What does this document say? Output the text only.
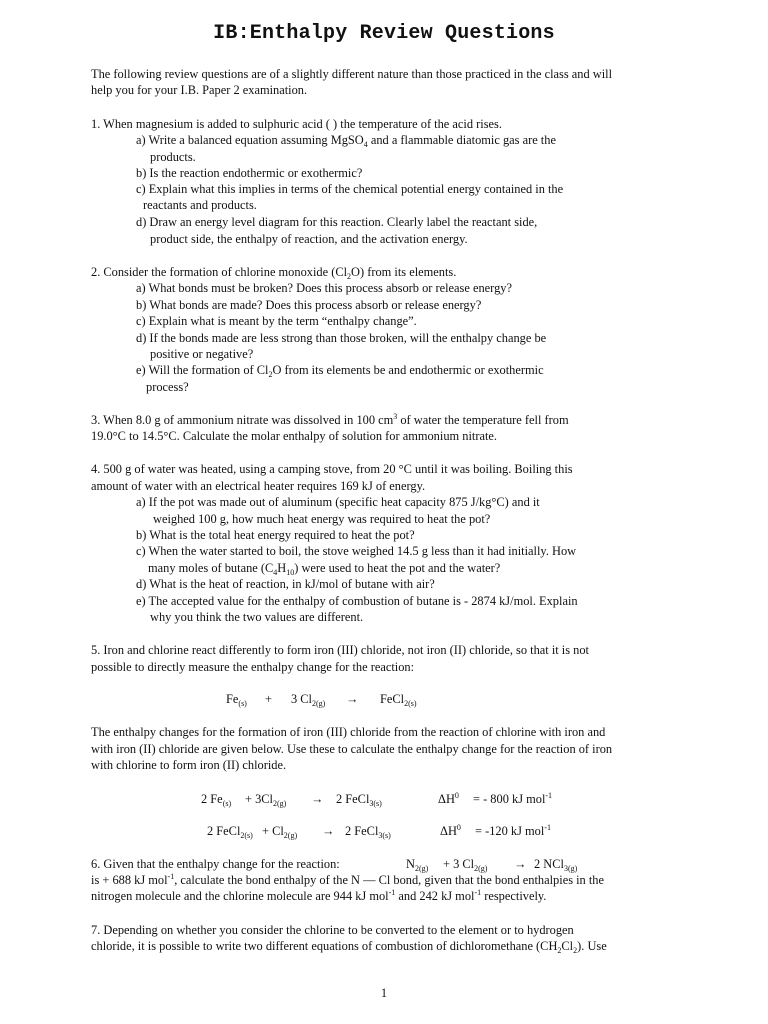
IB:Enthalpy Review Questions
The following review questions are of a slightly different nature than those practiced in the class and will
help you for your I.B. Paper 2 examination.
1. When magnesium is added to sulphuric acid ( ) the temperature of the acid rises.
a) Write a balanced equation assuming MgSO$_4$ and a flammable diatomic gas are the
products.
b) Is the reaction endothermic or exothermic?
c) Explain what this implies in terms of the chemical potential energy contained in the
reactants and products.
d) Draw an energy level diagram for this reaction. Clearly label the reactant side,
product side, the enthalpy of reaction, and the activation energy.
2. Consider the formation of chlorine monoxide $(Cl_2O)$ from its elements.
a) What bonds must be broken? Does this process absorb or release energy?
b) What bonds are made? Does this process absorb or release energy?
c) Explain what is meant by the term “enthalpy change”.
d) If the bonds made are less strong than those broken, will the enthalpy change be
positive or negative?
e) Will the formation of $Cl_2O$ from its elements be and endothermic or exothermic
process?
3. When 8.0 g of ammonium nitrate was dissolved in 100 $cm^3$ of water the temperature fell from
19.0°C to 14.5°C. Calculate the molar enthalpy of solution for ammonium nitrate.
4. 500 g of water was heated, using a camping stove, from 20 °C until it was boiling. Boiling this
amount of water with an electrical heater requires 169 kJ of energy.
a) If the pot was made out of aluminum (specific heat capacity 875 J/kg°C) and it
weighed 100 g, how much heat energy was required to heat the pot?
b) What is the total heat energy required to heat the pot?
c) When the water started to boil, the stove weighed 14.5 g less than it had initially. How
many moles of butane $(C_4H_{10})$ were used to heat the pot and the water?
d) What is the heat of reaction, in kJ/mol of butane with air?
e) The accepted value for the enthalpy of combustion of butane is - 2874 kJ/mol. Explain
why you think the two values are different.
5. Iron and chlorine react differently to form iron (III) chloride, not iron (II) chloride, so that it is not
possible to directly measure the enthalpy change for the reaction:
$Fe_{(s)} + 3$ $Cl_{2(g)}$ → FeCl$_{2(s)}$
The enthalpy changes for the formation of iron (III) chloride from the reaction of chlorine with iron and
with iron (II) chloride are given below. Use these to calculate the enthalpy change for the reaction of iron
with chlorine to form iron (II) chloride.
2 $Fe_{(s)} + 3Cl_{2(g)} \to 2$ FeCl$_{3(s)}$	$\Delta H^0$ = - 800 kJ mol$^{-1}$
2 FeCl$_{2(s)}$ + $Cl_{2(g)} \to 2$ FeCl$_{3(s)}$	$\Delta H^0 = -120$ kJ mol$^{-1}$
6. Given that the enthalpy change for the reaction:	$N_{2(g)} + 3$ $Cl_{2(g)} \to 2$ NCl$_{3(g)}$
is + 688 kJ mol$^{-1}$, calculate the bond enthalpy of the N — Cl bond, given that the bond enthalpies in the
nitrogen molecule and the chlorine molecule are 944 kJ mol$^{-1}$ and 242 kJ mol$^{-1}$ respectively.
7. Depending on whether you consider the chlorine to be converted to the element or to hydrogen
chloride, it is possible to write two different equations of combustion of dichloromethane $(CH_2Cl_2)$. Use
1
